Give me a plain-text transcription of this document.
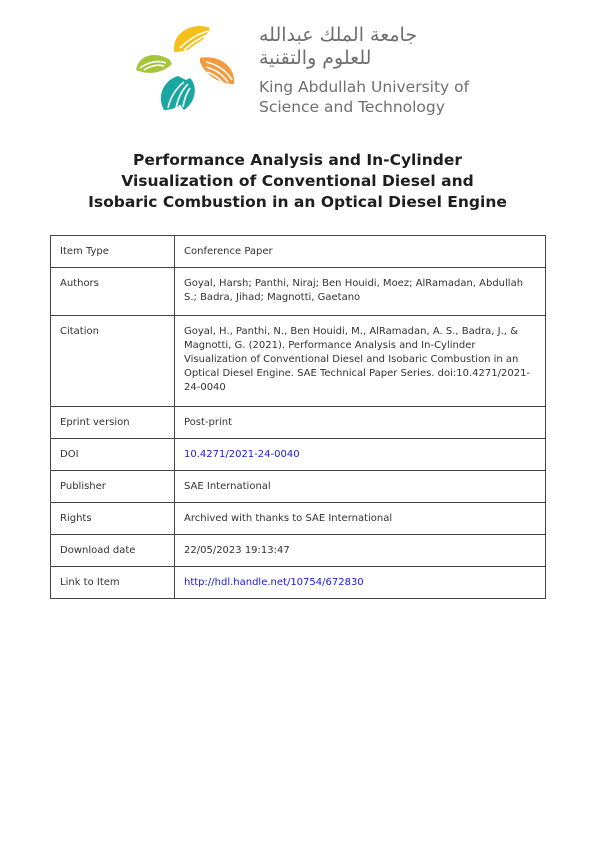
جامعة الملك عبدالله
للعلوم والتقنية
King Abdullah University of
Science and Technology
Performance Analysis and In-Cylinder
Visualization of Conventional Diesel and
Isobaric Combustion in an Optical Diesel Engine
Item Type	Conference Paper
Authors	Goyal, Harsh; Panthi, Niraj; Ben Houidi, Moez; AlRamadan, Abdullah S.; Badra, Jihad; Magnotti, Gaetano
Citation	Goyal, H., Panthi, N., Ben Houidi, M., AlRamadan, A. S., Badra, J., & Magnotti, G. (2021). Performance Analysis and In-Cylinder Visualization of Conventional Diesel and Isobaric Combustion in an Optical Diesel Engine. SAE Technical Paper Series. doi:10.4271/2021-24-0040
Eprint version	Post-print
DOI	10.4271/2021-24-0040
Publisher	SAE International
Rights	Archived with thanks to SAE International
Download date	22/05/2023 19:13:47
Link to Item	http://hdl.handle.net/10754/672830
